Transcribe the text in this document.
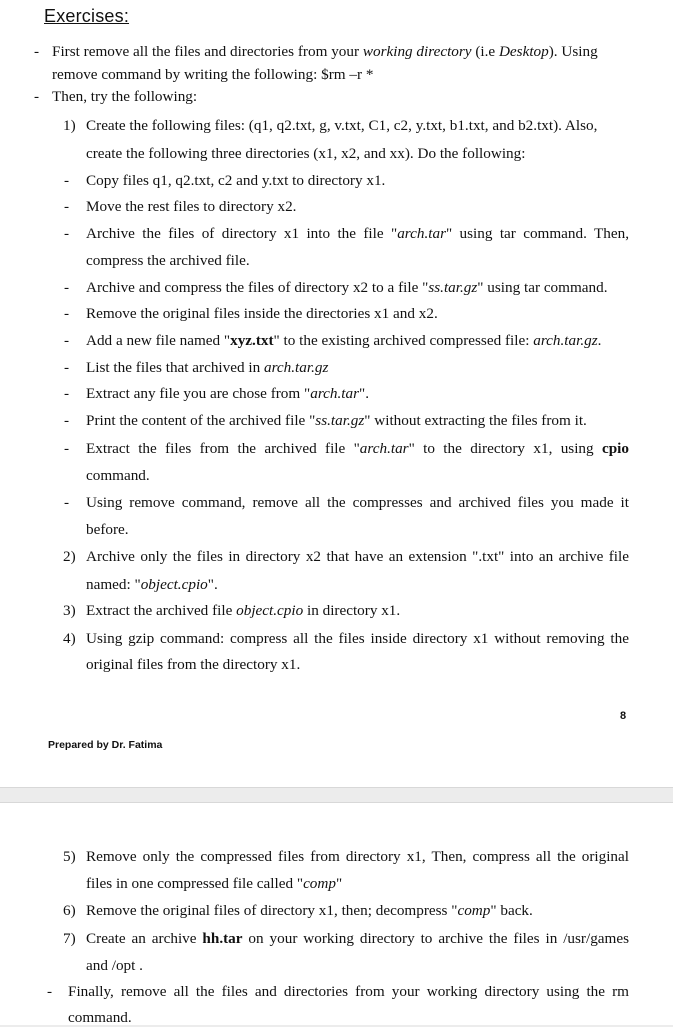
Exercises:
- First remove all the files and directories from your working directory (i.e Desktop). Using
remove command by writing the following: $rm –r *
- Then, try the following:
1) Create the following files: (q1, q2.txt, g, v.txt, C1, c2, y.txt, b1.txt, and b2.txt). Also,
create the following three directories (x1, x2, and xx). Do the following:
- Copy files q1, q2.txt, c2 and y.txt to directory x1.
- Move the rest files to directory x2.
- Archive the files of directory x1 into the file "arch.tar" using tar command. Then,
compress the archived file.
- Archive and compress the files of directory x2 to a file "ss.tar.gz" using tar command.
- Remove the original files inside the directories x1 and x2.
- Add a new file named "xyz.txt" to the existing archived compressed file: arch.tar.gz.
- List the files that archived in arch.tar.gz
- Extract any file you are chose from "arch.tar".
- Print the content of the archived file "ss.tar.gz" without extracting the files from it.
- Extract the files from the archived file "arch.tar" to the directory x1, using cpio
command.
- Using remove command, remove all the compresses and archived files you made it
before.
2) Archive only the files in directory x2 that have an extension ".txt" into an archive file
named: "object.cpio".
3) Extract the archived file object.cpio in directory x1.
4) Using gzip command: compress all the files inside directory x1 without removing the
original files from the directory x1.
8
Prepared by Dr. Fatima
5) Remove only the compressed files from directory x1, Then, compress all the original
files in one compressed file called "comp"
6) Remove the original files of directory x1, then; decompress "comp" back.
7) Create an archive hh.tar on your working directory to archive the files in /usr/games
and /opt .
- Finally, remove all the files and directories from your working directory using the rm
command.
